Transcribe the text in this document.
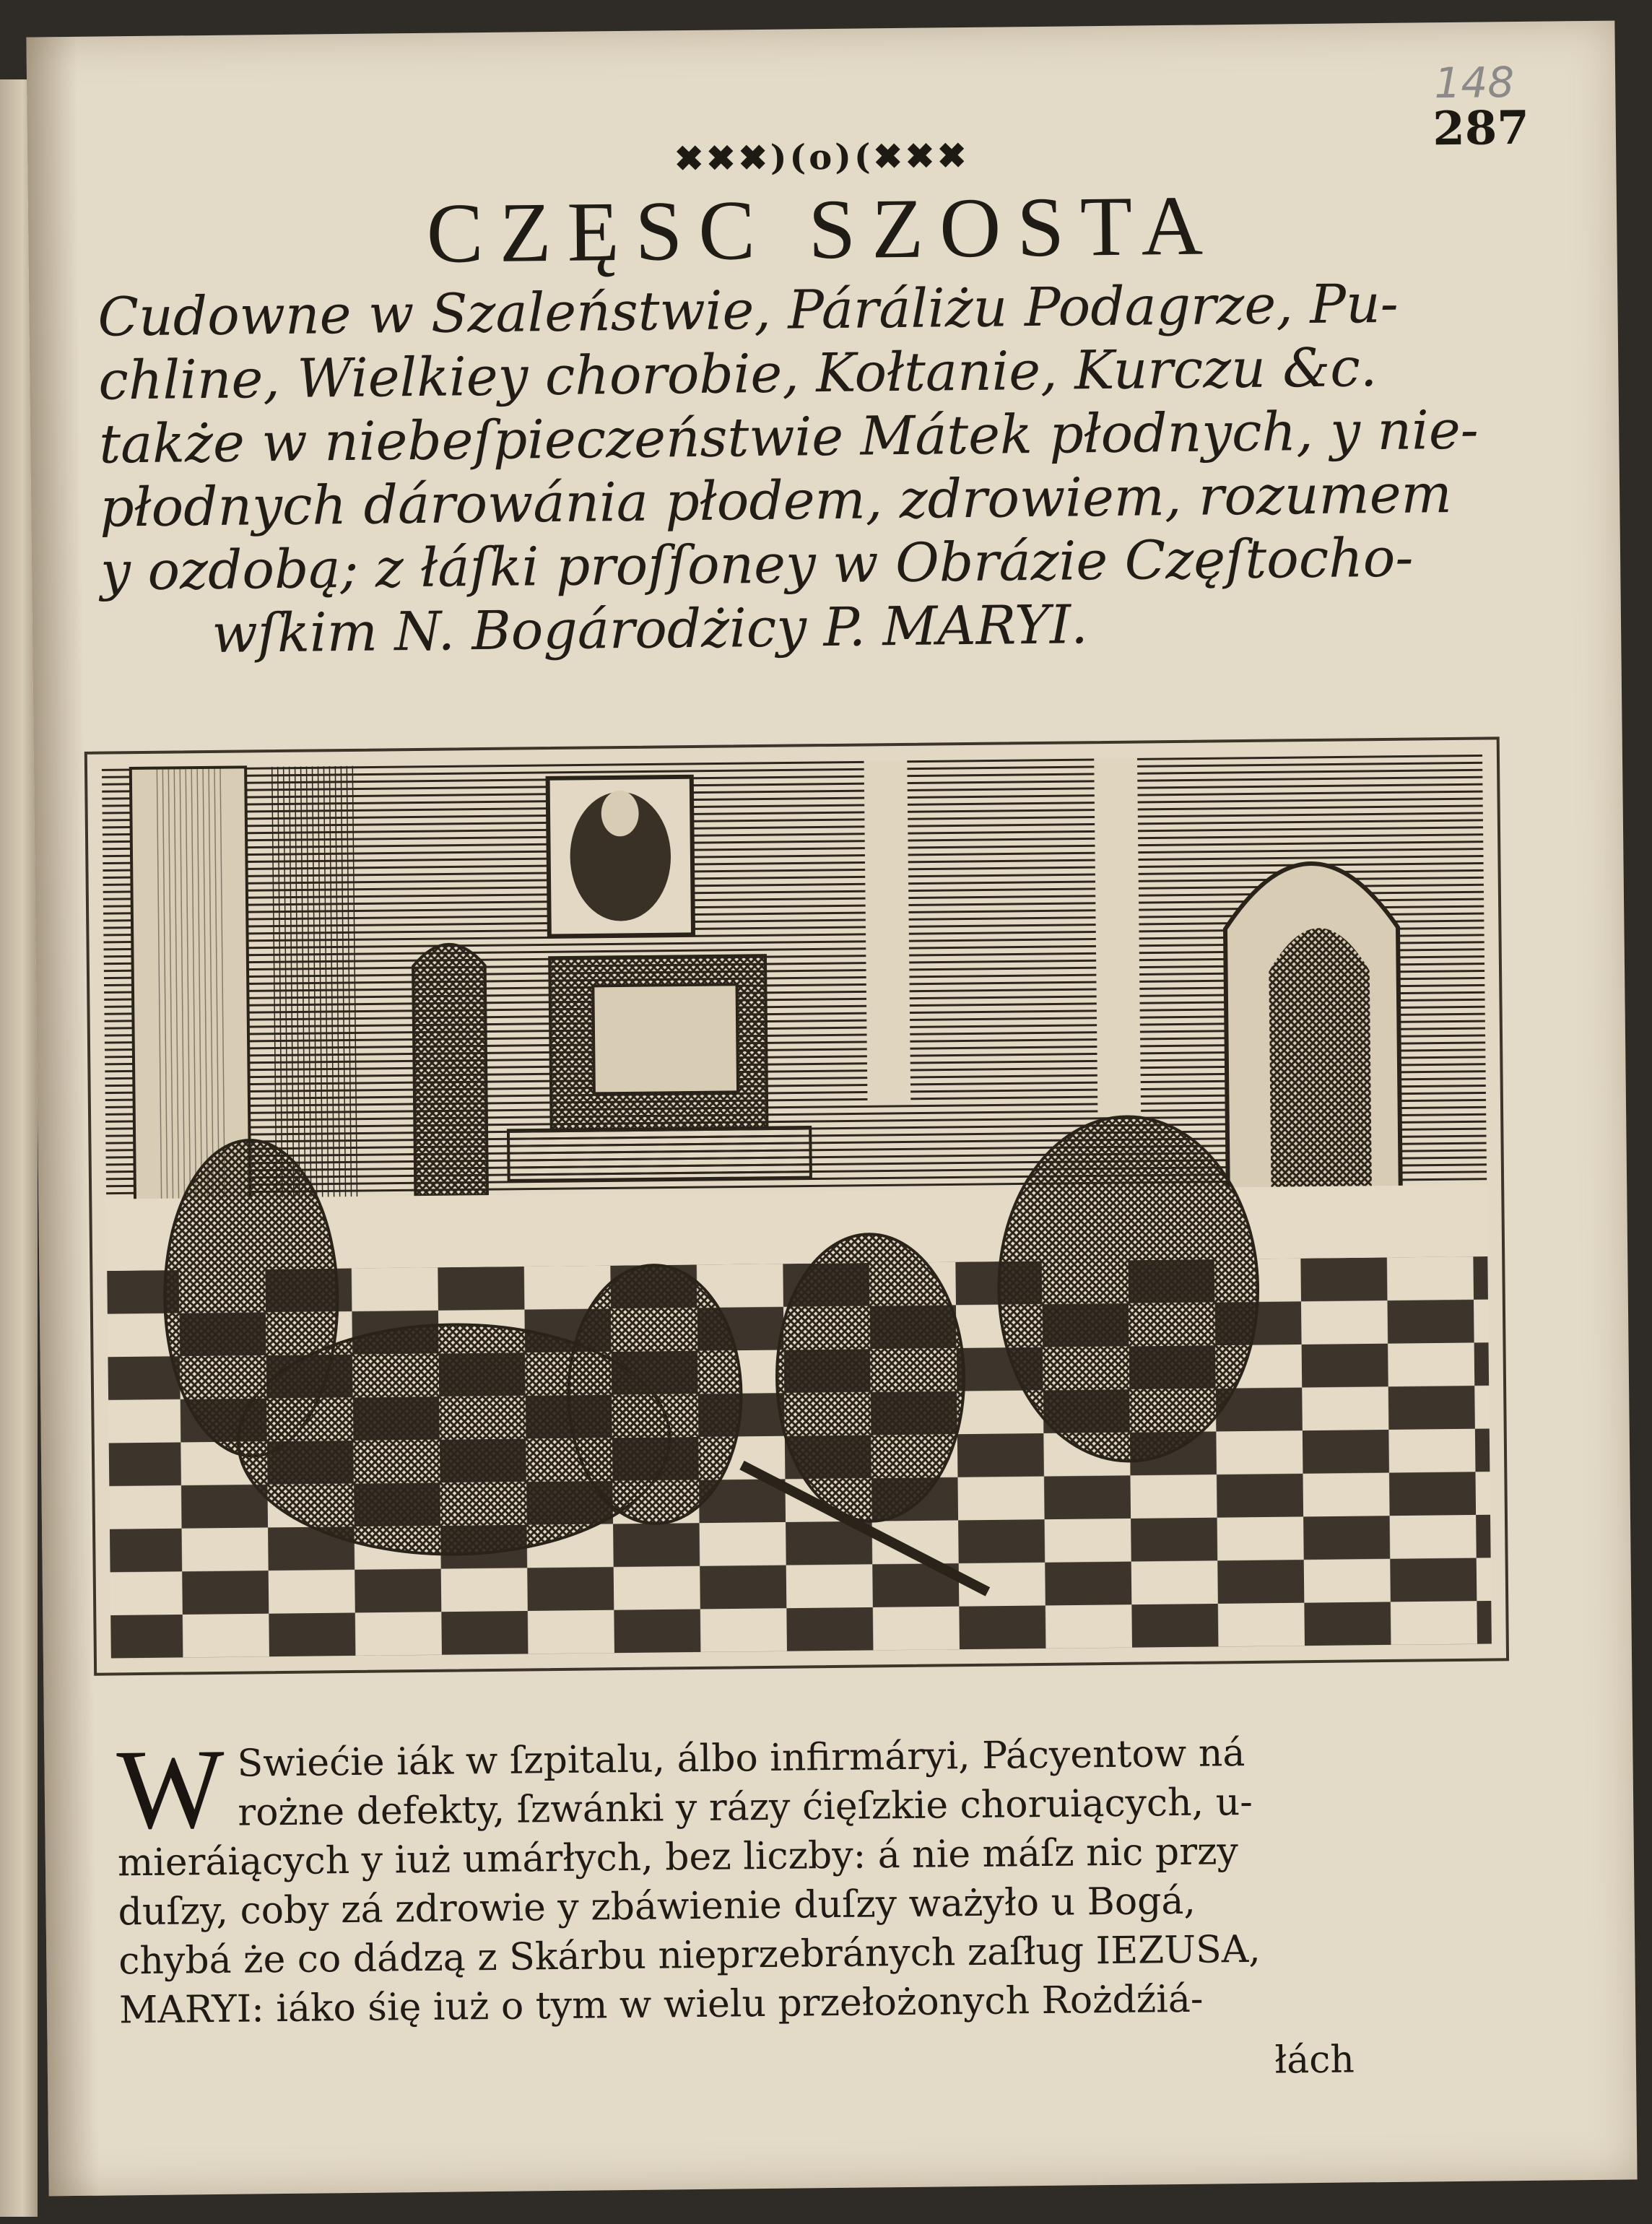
148
287
✖✖✖)(o)(✖✖✖
CZĘSC SZOSTA
Cudowne w Szaleństwie, Páráliżu Podagrze, Pu-
chline, Wielkiey chorobie, Kołtanie, Kurczu &c.
także w niebeſpieczeństwie Mátek płodnych, y nie-
płodnych dárowánia płodem, zdrowiem, rozumem
y ozdobą; z łáſki proſſoney w Obrázie Częſtocho-
wſkim N. Bogárodżicy P. MARYI.
W Swiećie iák w ſzpitalu, álbo infirmáryi, Pácyentow ná
rożne defekty, ſzwánki y rázy ćięſzkie choruiących, u-
mieráiących y iuż umárłych, bez liczby: á nie máſz nic przy
duſzy, coby zá zdrowie y zbáwienie duſzy ważyło u Bogá,
chybá że co dádzą z Skárbu nieprzebránych zaſług IEZUSA,
MARYI: iáko śię iuż o tym w wielu przełożonych Rożdźiá-
łách
